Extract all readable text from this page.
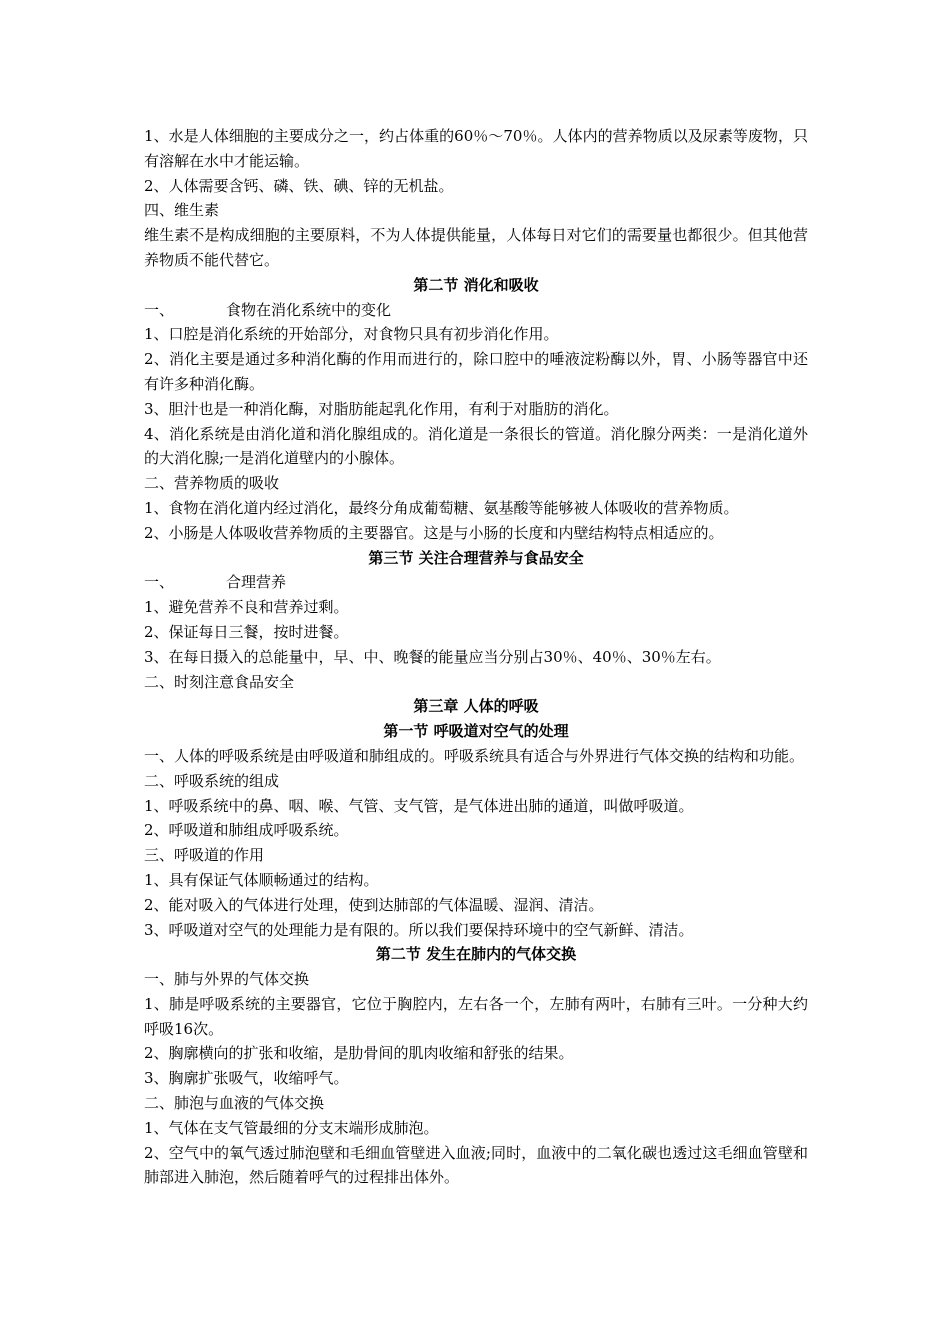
1、水是人体细胞的主要成分之一，约占体重的60％～70％。人体内的营养物质以及尿素等废物，只有溶解在水中才能运输。

2、人体需要含钙、磷、铁、碘、锌的无机盐。

四、维生素

维生素不是构成细胞的主要原料，不为人体提供能量，人体每日对它们的需要量也都很少。但其他营养物质不能代替它。

第二节 消化和吸收

一、	食物在消化系统中的变化

1、口腔是消化系统的开始部分，对食物只具有初步消化作用。

2、消化主要是通过多种消化酶的作用而进行的，除口腔中的唾液淀粉酶以外，胃、小肠等器官中还有许多种消化酶。

3、胆汁也是一种消化酶，对脂肪能起乳化作用，有利于对脂肪的消化。

4、消化系统是由消化道和消化腺组成的。消化道是一条很长的管道。消化腺分两类：一是消化道外的大消化腺;一是消化道壁内的小腺体。

二、营养物质的吸收

1、食物在消化道内经过消化，最终分角成葡萄糖、氨基酸等能够被人体吸收的营养物质。

2、小肠是人体吸收营养物质的主要器官。这是与小肠的长度和内壁结构特点相适应的。

第三节 关注合理营养与食品安全

一、	合理营养

1、避免营养不良和营养过剩。

2、保证每日三餐，按时进餐。

3、在每日摄入的总能量中，早、中、晚餐的能量应当分别占30％、40％、30％左右。

二、时刻注意食品安全

第三章 人体的呼吸

第一节 呼吸道对空气的处理

一、人体的呼吸系统是由呼吸道和肺组成的。呼吸系统具有适合与外界进行气体交换的结构和功能。

二、呼吸系统的组成

1、呼吸系统中的鼻、咽、喉、气管、支气管，是气体进出肺的通道，叫做呼吸道。

2、呼吸道和肺组成呼吸系统。

三、呼吸道的作用

1、具有保证气体顺畅通过的结构。

2、能对吸入的气体进行处理，使到达肺部的气体温暖、湿润、清洁。

3、呼吸道对空气的处理能力是有限的。所以我们要保持环境中的空气新鲜、清洁。

第二节 发生在肺内的气体交换

一、肺与外界的气体交换

1、肺是呼吸系统的主要器官，它位于胸腔内，左右各一个，左肺有两叶，右肺有三叶。一分种大约呼吸16次。

2、胸廓横向的扩张和收缩，是肋骨间的肌肉收缩和舒张的结果。

3、胸廓扩张吸气，收缩呼气。

二、肺泡与血液的气体交换

1、气体在支气管最细的分支末端形成肺泡。

2、空气中的氧气透过肺泡壁和毛细血管壁进入血液;同时，血液中的二氧化碳也透过这毛细血管壁和肺部进入肺泡，然后随着呼气的过程排出体外。
